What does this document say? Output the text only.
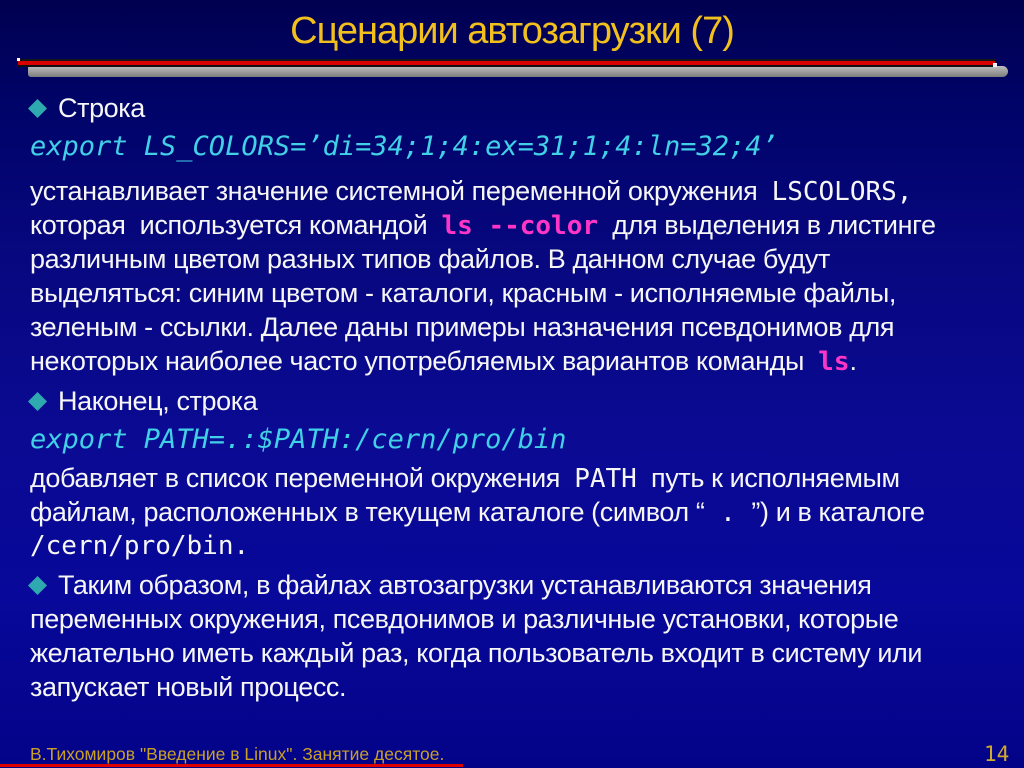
Сценарии автозагрузки (7)
Строка
export LS_COLORS=’di=34;1;4:ex=31;1;4:ln=32;4’
устанавливает значение системной переменной окружения  LSCOLORS,
которая  используется командой  ls --color  для выделения в листинге
различным цветом разных типов файлов. В данном случае будут
выделяться: синим цветом - каталоги, красным - исполняемые файлы,
зеленым - ссылки. Далее даны примеры назначения псевдонимов для
некоторых наиболее часто употребляемых вариантов команды  ls.
Наконец, строка
export PATH=.:$PATH:/cern/pro/bin
добавляет в список переменной окружения  PATH  путь к исполняемым
файлам, расположенных в текущем каталоге (символ “ . ”) и в каталоге
/cern/pro/bin.
Таким образом, в файлах автозагрузки устанавливаются значения
переменных окружения, псевдонимов и различные установки, которые
желательно иметь каждый раз, когда пользователь входит в систему или
запускает новый процесс.
В.Тихомиров "Введение в Linux". Занятие десятое.	14
